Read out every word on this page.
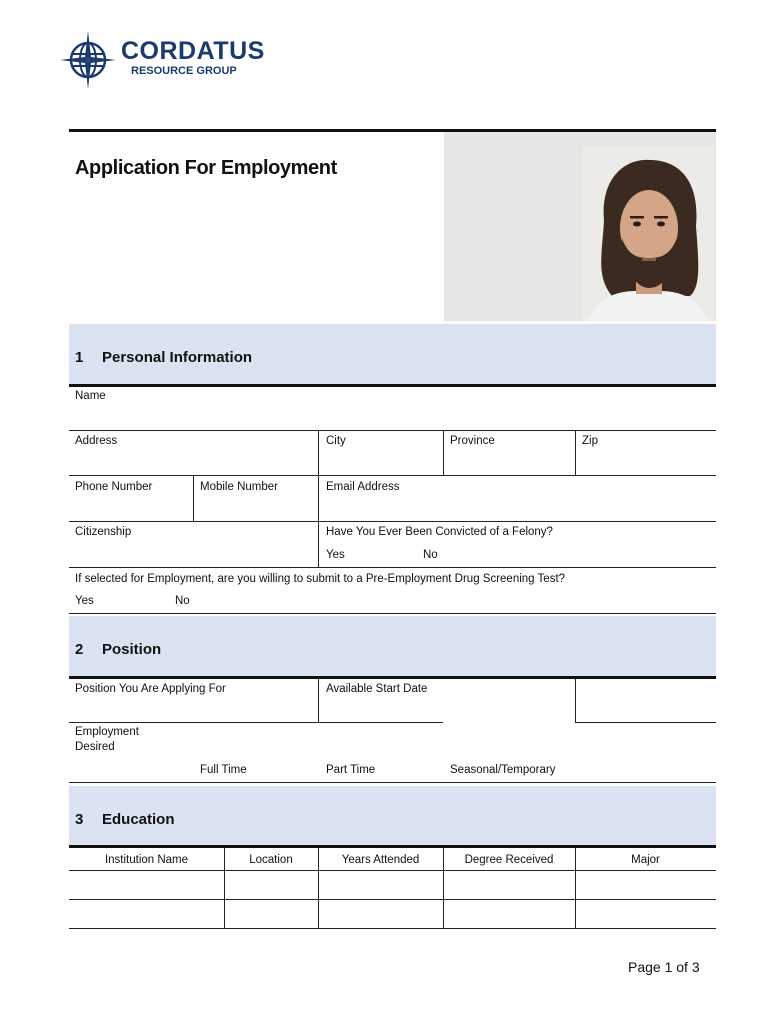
CORDATUS
RESOURCE GROUP
Application For Employment
1 Personal Information
Name
Address	City	Province	Zip
Phone Number	Mobile Number	Email Address
Citizenship	Have You Ever Been Convicted of a Felony?
Yes	No
If selected for Employment, are you willing to submit to a Pre-Employment Drug Screening Test?
Yes	No
2 Position
Position You Are Applying For	Available Start Date
Employment
Desired
Full Time	Part Time	Seasonal/Temporary
3 Education
Institution Name	Location	Years Attended	Degree Received	Major
Page 1 of 3
